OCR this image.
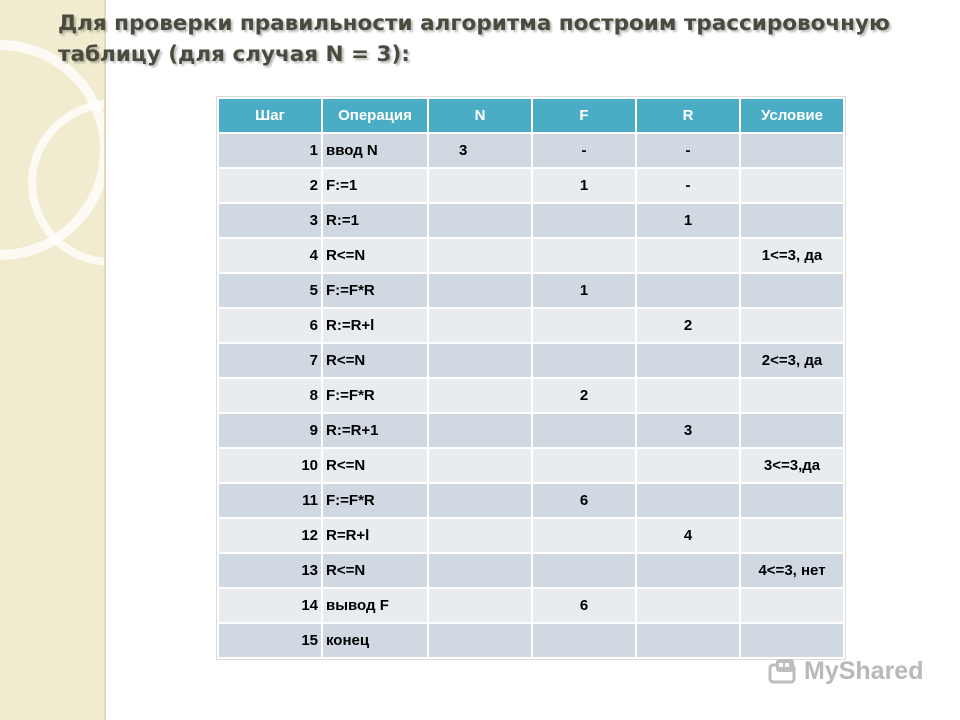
Для проверки правильности алгоритма построим трассировочную
таблицу (для случая N = 3):
Шаг	Операция	N	F	R	Условие
1	ввод N	3	-	-	
2	F:=1		1	-	
3	R:=1			1	
4	R<=N				1<=3, да
5	F:=F*R		1		
6	R:=R+l			2	
7	R<=N				2<=3, да
8	F:=F*R		2		
9	R:=R+1			3	
10	R<=N				3<=3,да
11	F:=F*R		6		
12	R=R+l			4	
13	R<=N				4<=3, нет
14	вывод F		6		
15	конец				
MyShared
